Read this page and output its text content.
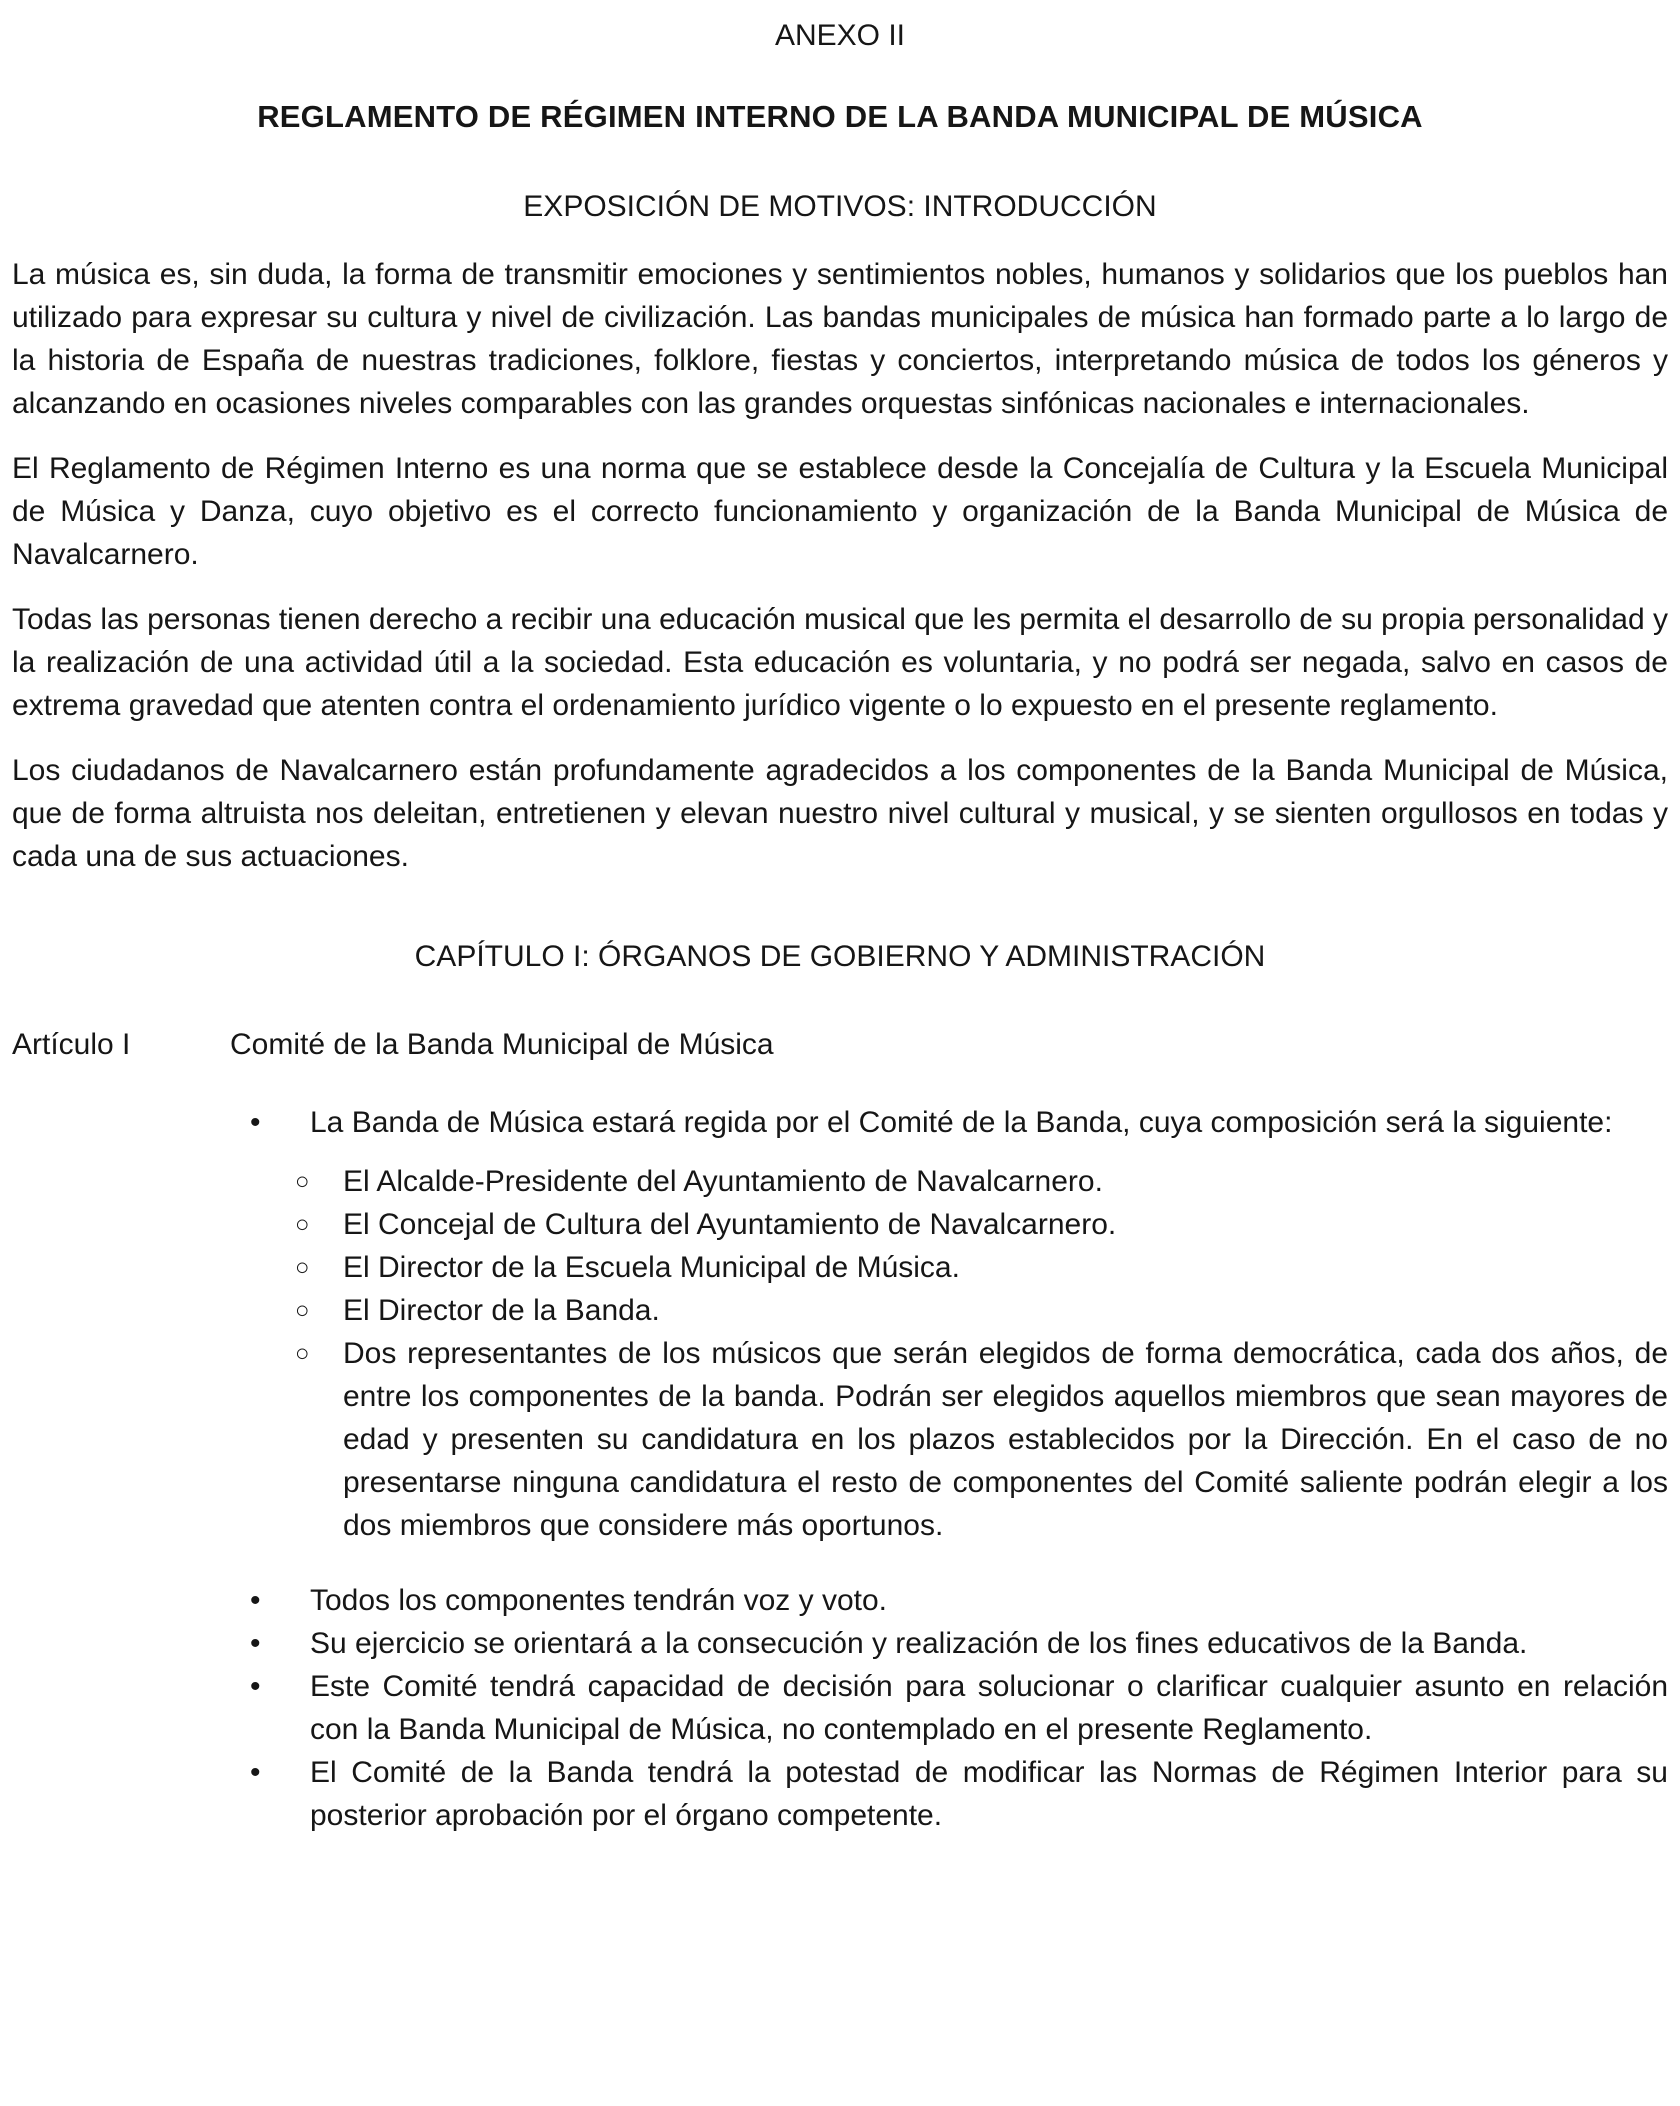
ANEXO II
REGLAMENTO DE RÉGIMEN INTERNO DE LA BANDA MUNICIPAL DE MÚSICA
EXPOSICIÓN DE MOTIVOS: INTRODUCCIÓN

La música es, sin duda, la forma de transmitir emociones y sentimientos nobles, humanos y solidarios que los pueblos han utilizado para expresar su cultura y nivel de civilización. Las bandas municipales de música han formado parte a lo largo de la historia de España de nuestras tradiciones, folklore, fiestas y conciertos, interpretando música de todos los géneros y alcanzando en ocasiones niveles comparables con las grandes orquestas sinfónicas nacionales e internacionales.

El Reglamento de Régimen Interno es una norma que se establece desde la Concejalía de Cultura y la Escuela Municipal de Música y Danza, cuyo objetivo es el correcto funcionamiento y organización de la Banda Municipal de Música de Navalcarnero.

Todas las personas tienen derecho a recibir una educación musical que les permita el desarrollo de su propia personalidad y la realización de una actividad útil a la sociedad. Esta educación es voluntaria, y no podrá ser negada, salvo en casos de extrema gravedad que atenten contra el ordenamiento jurídico vigente o lo expuesto en el presente reglamento.

Los ciudadanos de Navalcarnero están profundamente agradecidos a los componentes de la Banda Municipal de Música, que de forma altruista nos deleitan, entretienen y elevan nuestro nivel cultural y musical, y se sienten orgullosos en todas y cada una de sus actuaciones.

CAPÍTULO I: ÓRGANOS DE GOBIERNO Y ADMINISTRACIÓN
Artículo I	Comité de la Banda Municipal de Música
•	La Banda de Música estará regida por el Comité de la Banda, cuya composición será la siguiente:
○	El Alcalde-Presidente del Ayuntamiento de Navalcarnero.
○	El Concejal de Cultura del Ayuntamiento de Navalcarnero.
○	El Director de la Escuela Municipal de Música.
○	El Director de la Banda.
○	Dos representantes de los músicos que serán elegidos de forma democrática, cada dos años, de entre los componentes de la banda. Podrán ser elegidos aquellos miembros que sean mayores de edad y presenten su candidatura en los plazos establecidos por la Dirección. En el caso de no presentarse ninguna candidatura el resto de componentes del Comité saliente podrán elegir a los dos miembros que considere más oportunos.
•	Todos los componentes tendrán voz y voto.
•	Su ejercicio se orientará a la consecución y realización de los fines educativos de la Banda.
•	Este Comité tendrá capacidad de decisión para solucionar o clarificar cualquier asunto en relación con la Banda Municipal de Música, no contemplado en el presente Reglamento.
•	El Comité de la Banda tendrá la potestad de modificar las Normas de Régimen Interior para su posterior aprobación por el órgano competente.
